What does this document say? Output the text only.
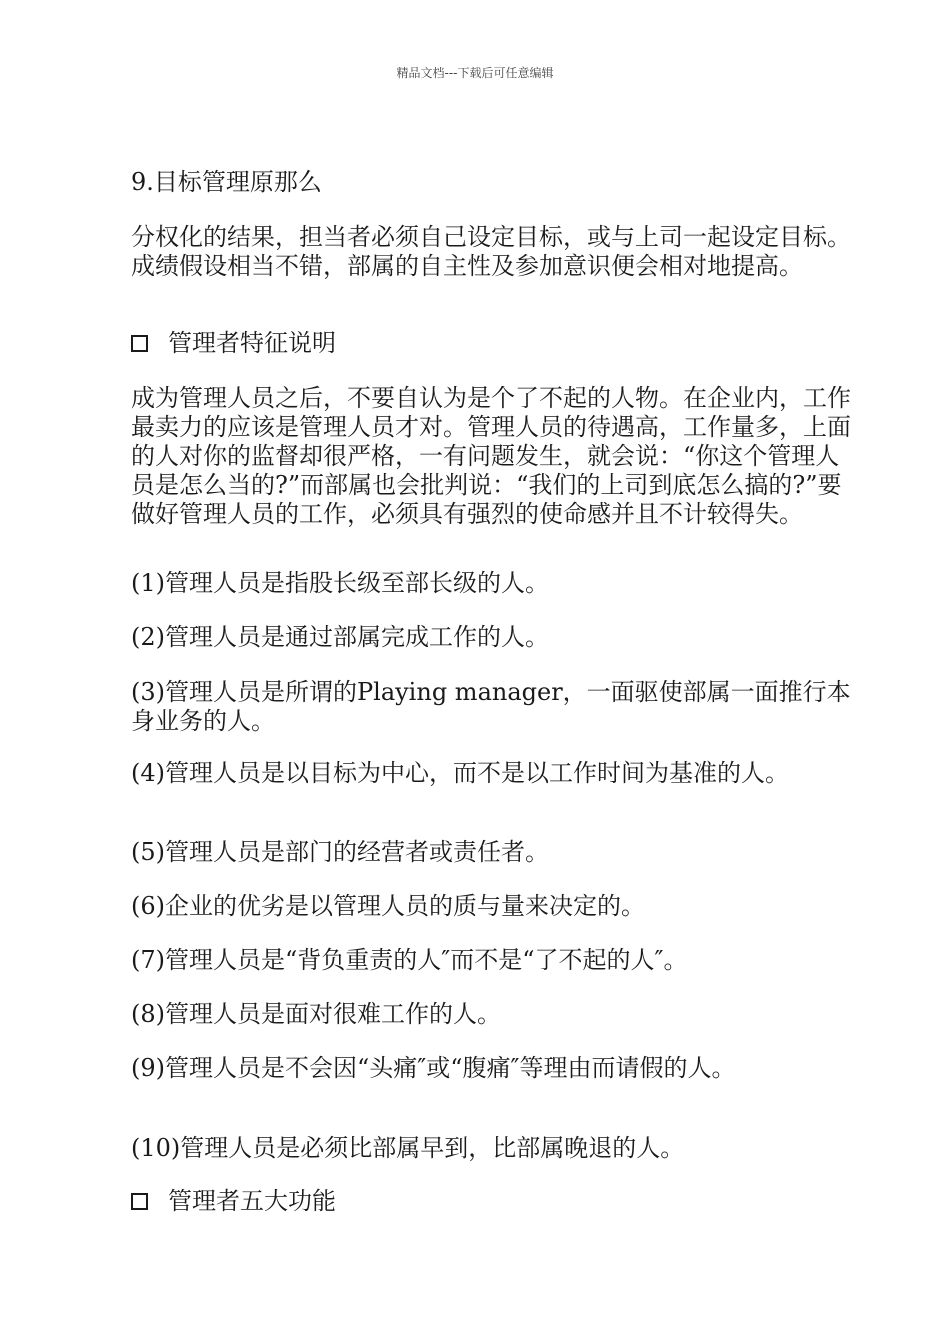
精品文档---下载后可任意编辑

9.目标管理原那么

分权化的结果，担当者必须自己设定目标，或与上司一起设定目标。成绩假设相当不错，部属的自主性及参加意识便会相对地提高。

管理者特征说明

成为管理人员之后，不要自认为是个了不起的人物。在企业内，工作最卖力的应该是管理人员才对。管理人员的待遇高，工作量多，上面的人对你的监督却很严格，一有问题发生，就会说：“你这个管理人员是怎么当的?”而部属也会批判说：“我们的上司到底怎么搞的?”要做好管理人员的工作，必须具有强烈的使命感并且不计较得失。

(1)管理人员是指股长级至部长级的人。

(2)管理人员是通过部属完成工作的人。

(3)管理人员是所谓的Playing manager，一面驱使部属一面推行本身业务的人。

(4)管理人员是以目标为中心，而不是以工作时间为基准的人。

(5)管理人员是部门的经营者或责任者。

(6)企业的优劣是以管理人员的质与量来决定的。

(7)管理人员是“背负重责的人″而不是“了不起的人″。

(8)管理人员是面对很难工作的人。

(9)管理人员是不会因“头痛″或“腹痛″等理由而请假的人。

(10)管理人员是必须比部属早到，比部属晚退的人。

管理者五大功能
